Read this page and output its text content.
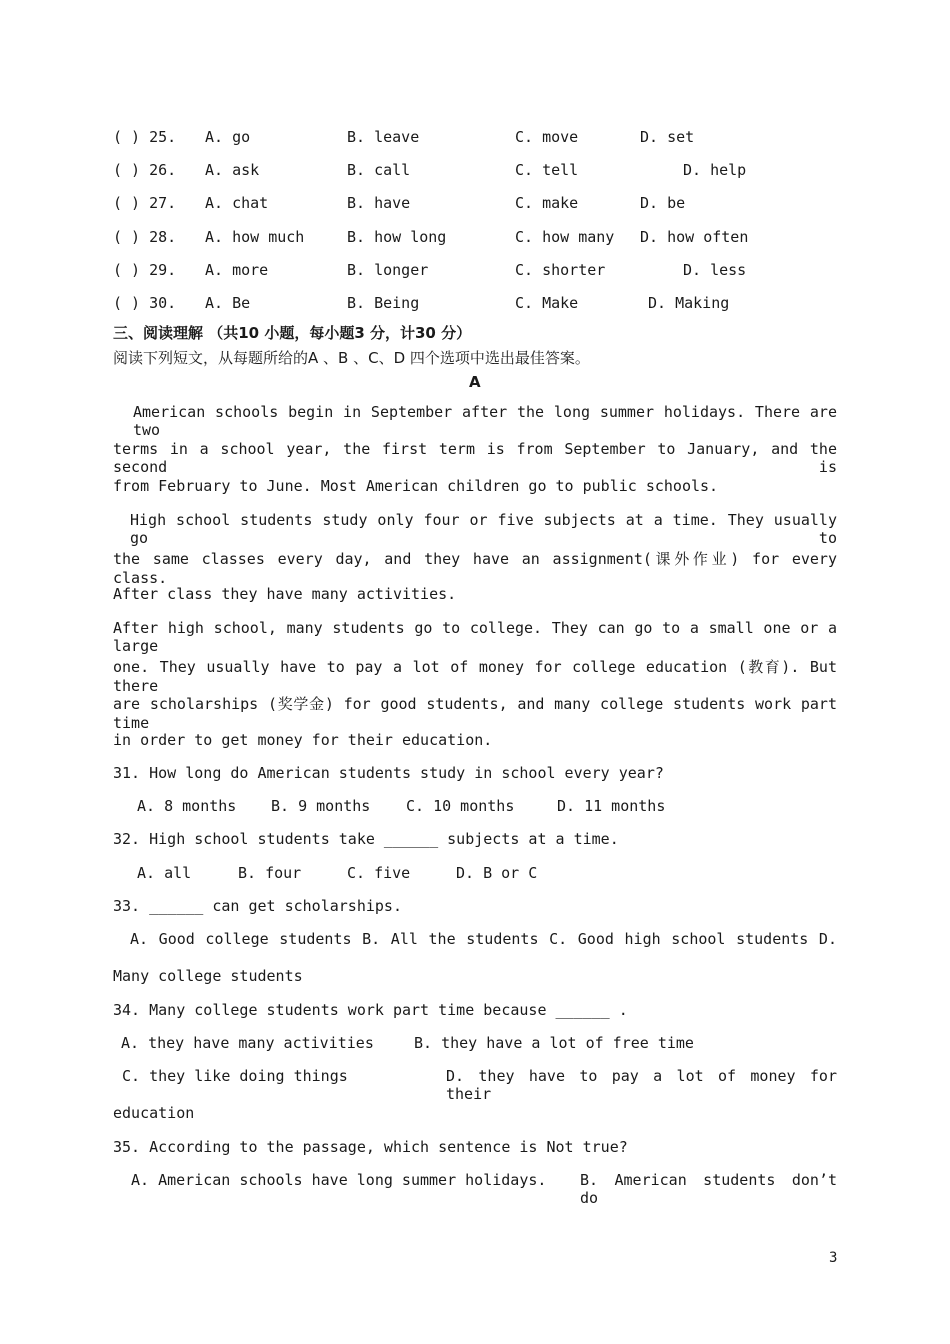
( ) 25. A. go	B. leave	C. move	D. set
( ) 26. A. ask	B. call	C. tell	D. help
( ) 27. A. chat	B. have	C. make	D. be
( ) 28. A. how much	B. how long	C. how many D. how often
( ) 29. A. more	B. longer	C. shorter	D. less
( ) 30. A. Be	B. Being	C. Make	D. Making
三、阅读理解 （共10 小题，每小题3 分，计30 分）
阅读下列短文，从每题所给的A 、B 、C、D 四个选项中选出最佳答案。
A
American schools begin in September after the long summer holidays. There are two
terms in a school year, the first term is from September to January, and the second is
from February to June. Most American children go to public schools.
High school students study only four or five subjects at a time. They usually go to
the same classes every day, and they have an assignment(课外作业) for every class.
After class they have many activities.
After high school, many students go to college. They can go to a small one or a large
one. They usually have to pay a lot of money for college education (教育). But there
are scholarships (奖学金) for good students, and many college students work part time
in order to get money for their education.
31. How long do American students study in school every year?
A. 8 months B. 9 months C. 10 months	D. 11 months
32. High school students take ______ subjects at a time.
A. all	B. four	C. five	D. B or C
33. ______ can get scholarships.
A. Good college students B. All the students C. Good high school students D.
Many college students
34. Many college students work part time because ______ .
A. they have many activities	B. they have a lot of free time
C. they like doing things	D. they have to pay a lot of money for their
education
35. According to the passage, which sentence is Not true?
A. American schools have long summer holidays. B. American students don’t do
3
